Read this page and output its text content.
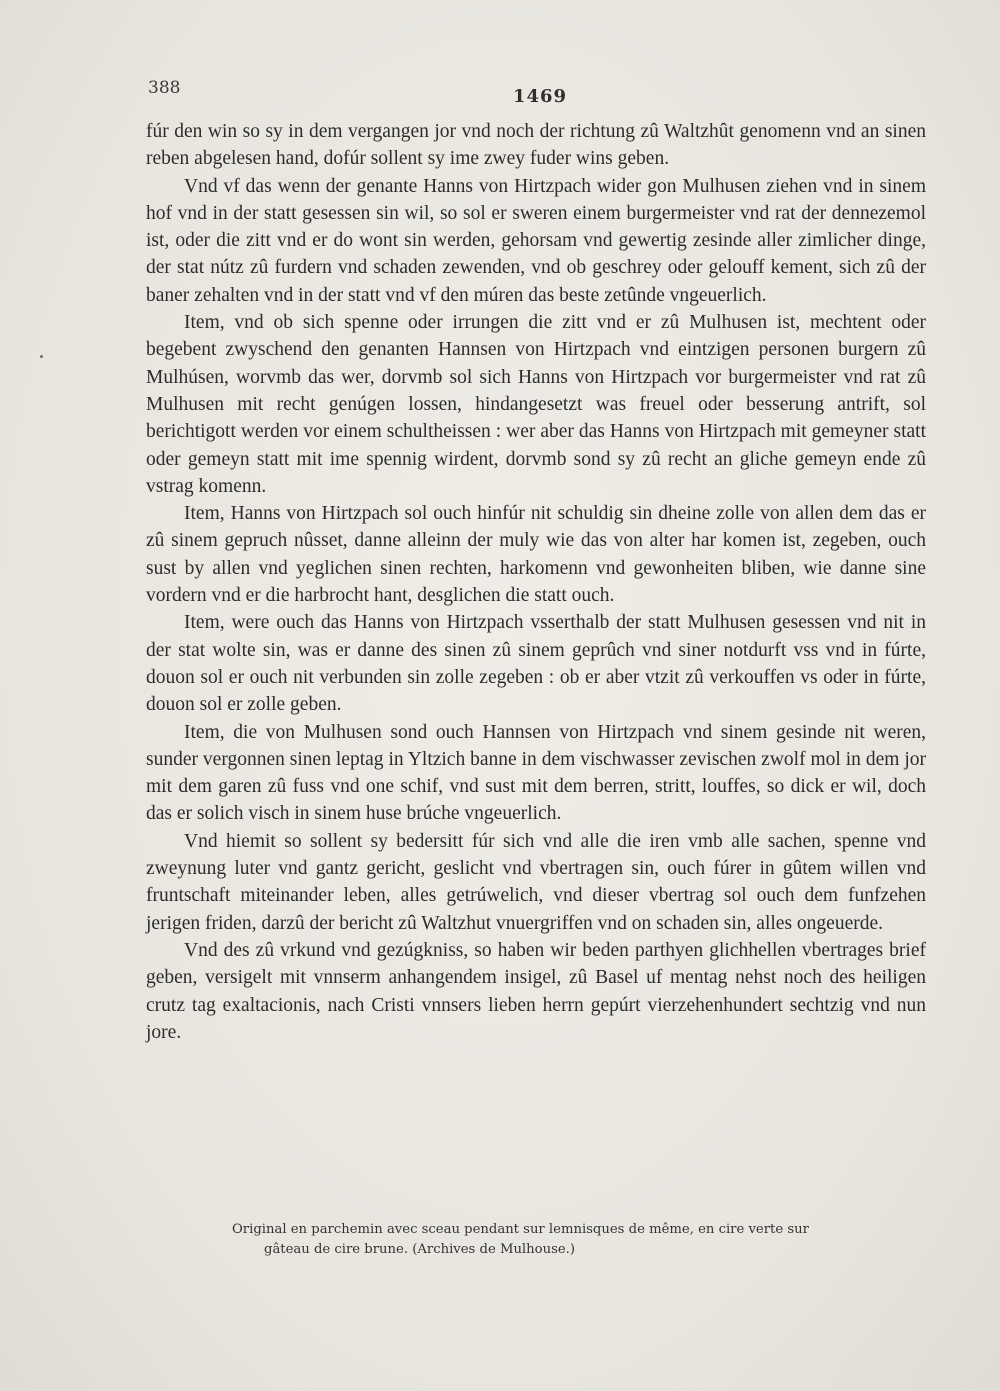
388	1469

fúr den win so sy in dem vergangen jor vnd noch der richtung zû Waltzhût genomenn vnd an sinen reben abgelesen hand, dofúr sollent sy ime zwey fuder wins geben.

Vnd vf das wenn der genante Hanns von Hirtzpach wider gon Mulhusen ziehen vnd in sinem hof vnd in der statt gesessen sin wil, so sol er sweren einem burgermeister vnd rat der dennezemol ist, oder die zitt vnd er do wont sin werden, gehorsam vnd gewertig zesinde aller zimlicher dinge, der stat nútz zû furdern vnd schaden zewenden, vnd ob geschrey oder gelouff kement, sich zû der baner zehalten vnd in der statt vnd vf den múren das beste zetûnde vngeuerlich.

Item, vnd ob sich spenne oder irrungen die zitt vnd er zû Mulhusen ist, mechtent oder begebent zwyschend den genanten Hannsen von Hirtzpach vnd eintzigen personen burgern zû Mulhúsen, worvmb das wer, dorvmb sol sich Hanns von Hirtzpach vor burgermeister vnd rat zû Mulhusen mit recht genúgen lossen, hindangesetzt was freuel oder besserung antrift, sol berichtigott werden vor einem schultheissen : wer aber das Hanns von Hirtzpach mit gemeyner statt oder gemeyn statt mit ime spennig wirdent, dorvmb sond sy zû recht an gliche gemeyn ende zû vstrag komenn.

Item, Hanns von Hirtzpach sol ouch hinfúr nit schuldig sin dheine zolle von allen dem das er zû sinem gepruch nûsset, danne alleinn der muly wie das von alter har komen ist, zegeben, ouch sust by allen vnd yeglichen sinen rechten, harkomenn vnd gewonheiten bliben, wie danne sine vordern vnd er die harbrocht hant, desglichen die statt ouch.

Item, were ouch das Hanns von Hirtzpach vsserthalb der statt Mulhusen gesessen vnd nit in der stat wolte sin, was er danne des sinen zû sinem geprûch vnd siner notdurft vss vnd in fúrte, douon sol er ouch nit verbunden sin zolle zegeben : ob er aber vtzit zû verkouffen vs oder in fúrte, douon sol er zolle geben.

Item, die von Mulhusen sond ouch Hannsen von Hirtzpach vnd sinem gesinde nit weren, sunder vergonnen sinen leptag in Yltzich banne in dem vischwasser zevischen zwolf mol in dem jor mit dem garen zû fuss vnd one schif, vnd sust mit dem berren, stritt, louffes, so dick er wil, doch das er solich visch in sinem huse brúche vngeuerlich.

Vnd hiemit so sollent sy bedersitt fúr sich vnd alle die iren vmb alle sachen, spenne vnd zweynung luter vnd gantz gericht, geslicht vnd vbertragen sin, ouch fúrer in gûtem willen vnd fruntschaft miteinander leben, alles getrúwelich, vnd dieser vbertrag sol ouch dem funfzehen jerigen friden, darzû der bericht zû Waltzhut vnuergriffen vnd on schaden sin, alles ongeuerde.

Vnd des zû vrkund vnd gezúgkniss, so haben wir beden parthyen glichhellen vbertrages brief geben, versigelt mit vnnserm anhangendem insigel, zû Basel uf mentag nehst noch des heiligen crutz tag exaltacionis, nach Cristi vnnsers lieben herrn gepúrt vierzehenhundert sechtzig vnd nun jore.

Original en parchemin avec sceau pendant sur lemnisques de même, en cire verte sur
gâteau de cire brune. (Archives de Mulhouse.)
